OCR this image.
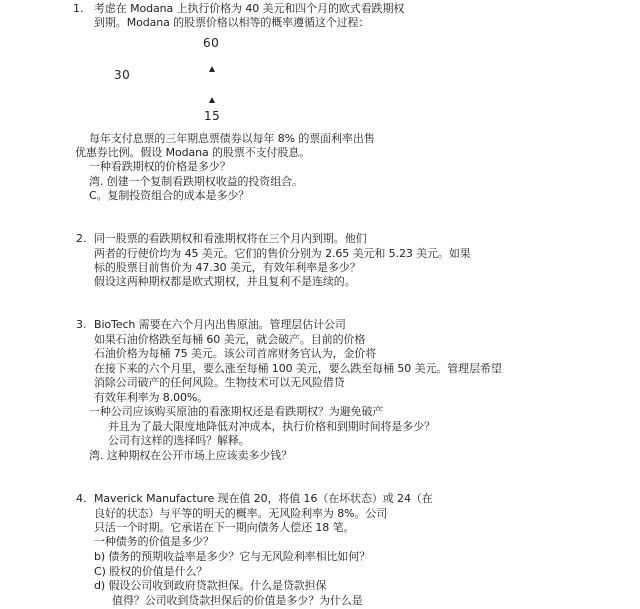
1. 考虑在 Modana 上执行价格为 40 美元和四个月的欧式看跌期权
到期。Modana 的股票价格以相等的概率遵循这个过程：
60
30
15
每年支付息票的三年期息票债券以每年 8% 的票面利率出售
优惠券比例。假设 Modana 的股票不支付股息。
一种看跌期权的价格是多少？
湾. 创建一个复制看跌期权收益的投资组合。
C。复制投资组合的成本是多少？
2. 同一股票的看跌期权和看涨期权将在三个月内到期。他们
两者的行使价均为 45 美元。它们的售价分别为 2.65 美元和 5.23 美元。如果
标的股票目前售价为 47.30 美元，有效年利率是多少？
假设这两种期权都是欧式期权，并且复利不是连续的。
3. BioTech 需要在六个月内出售原油。管理层估计公司
如果石油价格跌至每桶 60 美元，就会破产。目前的价格
石油价格为每桶 75 美元。该公司首席财务官认为，金价将
在接下来的六个月里，要么涨至每桶 100 美元，要么跌至每桶 50 美元。管理层希望
消除公司破产的任何风险。生物技术可以无风险借贷
有效年利率为 8.00%。
一种公司应该购买原油的看涨期权还是看跌期权？为避免破产
并且为了最大限度地降低对冲成本，执行价格和到期时间将是多少？
公司有这样的选择吗？解释。
湾. 这种期权在公开市场上应该卖多少钱？
4. Maverick Manufacture 现在值 20，将值 16（在坏状态）或 24（在
良好的状态）与平等的明天的概率。无风险利率为 8%。公司
只活一个时期。它承诺在下一期向债务人偿还 18 笔。
一种债务的价值是多少？
b) 债务的预期收益率是多少？它与无风险利率相比如何？
C) 股权的价值是什么？
d) 假设公司收到政府贷款担保。什么是贷款担保
值得？公司收到贷款担保后的价值是多少？为什么是
